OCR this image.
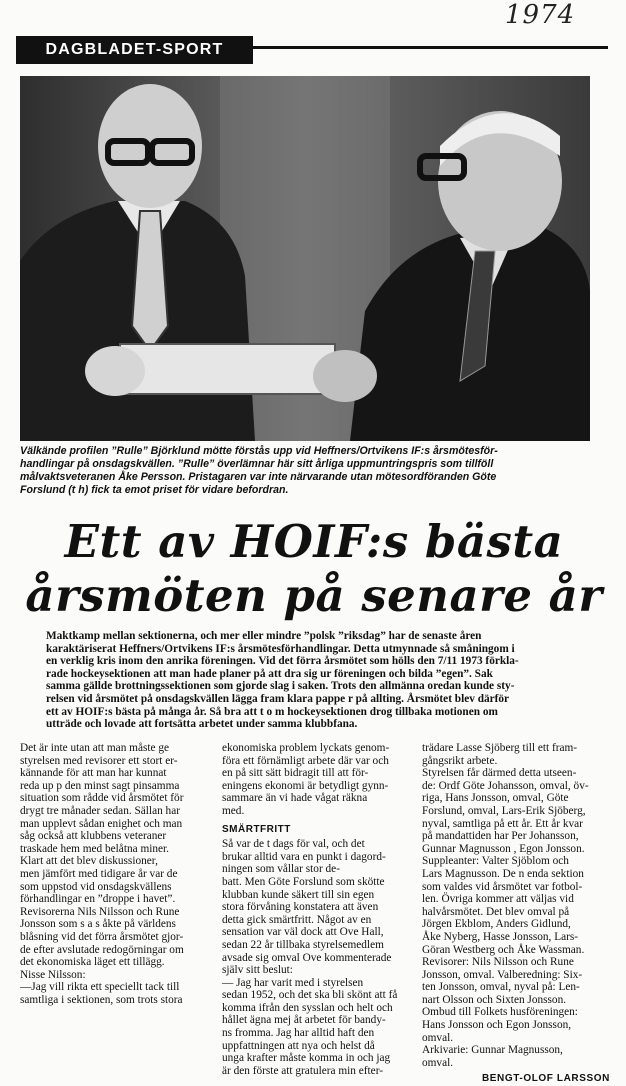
1974
DAGBLADET-SPORT
Välkände profilen ”Rulle” Björklund mötte förstås upp vid Heffners/Ortvikens IF:s årsmötesför-
handlingar på onsdagskvällen. ”Rulle” överlämnar här sitt årliga uppmuntringspris som tillföll
målvaktsveteranen Åke Persson. Pristagaren var inte närvarande utan mötesordföranden Göte
Forslund (t h) fick ta emot priset för vidare befordran.
Ett av HOIF:s bästa
årsmöten på senare år
Maktkamp mellan sektionerna, och mer eller mindre ”polsk ”riksdag” har de senaste åren
karaktäriserat Heffners/Ortvikens IF:s årsmötesförhandlingar. Detta utmynnade så småningom i
en verklig kris inom den anrika föreningen. Vid det förra årsmötet som hölls den 7/11 1973 förkla-
rade hockeysektionen att man hade planer på att dra sig ur föreningen och bilda ”egen”. Sak
samma gällde brottningssektionen som gjorde slag i saken. Trots den allmänna oredan kunde sty-
relsen vid årsmötet på onsdagskvällen lägga fram klara pappe r på allting. Årsmötet blev därför
ett av HOIF:s bästa på många år. Så bra att t o m hockeysektionen drog tillbaka motionen om
utträde och lovade att fortsätta arbetet under samma klubbfana.
Det är inte utan att man måste ge
styrelsen med revisorer ett stort er-
kännande för att man har kunnat
reda up p den minst sagt pinsamma
situation som rådde vid årsmötet för
drygt tre månader sedan. Sällan har
man upplevt sådan enighet och man
såg också att klubbens veteraner
traskade hem med belåtna miner.
Klart att det blev diskussioner,
men jämfört med tidigare år var de
som uppstod vid onsdagskvällens
förhandlingar en ”droppe i havet”.
Revisorerna Nils Nilsson och Rune
Jonsson som s a s åkte på världens
blåsning vid det förra årsmötet gjor-
de efter avslutade redogörningar om
det ekonomiska läget ett tillägg.
Nisse Nilsson:
—Jag vill rikta ett speciellt tack till
samtliga i sektionen, som trots stora
ekonomiska problem lyckats genom-
föra ett förnämligt arbete där var och
en på sitt sätt bidragit till att för-
eningens ekonomi är betydligt gynn-
sammare än vi hade vågat räkna
med.
SMÄRTFRITT
Så var de t dags för val, och det
brukar alltid vara en punkt i dagord-
ningen som vållar stor de-
batt. Men Göte Forslund som skötte
klubban kunde säkert till sin egen
stora förvåning konstatera att även
detta gick smärtfritt. Något av en
sensation var väl dock att Ove Hall,
sedan 22 år tillbaka styrelsemedlem
avsade sig omval Ove kommenterade
själv sitt beslut:
— Jag har varit med i styrelsen
sedan 1952, och det ska bli skönt att få
komma ifrån den sysslan och helt och
hållet ägna mej åt arbetet för bandy-
ns fromma. Jag har alltid haft den
uppfattningen att nya och helst då
unga krafter måste komma in och jag
är den förste att gratulera min efter-
trädare Lasse Sjöberg till ett fram-
gångsrikt arbete.
Styrelsen får därmed detta utseen-
de: Ordf Göte Johansson, omval, öv-
riga, Hans Jonsson, omval, Göte
Forslund, omval, Lars-Erik Sjöberg,
nyval, samtliga på ett år. Ett år kvar
på mandattiden har Per Johansson,
Gunnar Magnusson , Egon Jonsson.
Suppleanter: Valter Sjöblom och
Lars Magnusson. De n enda sektion
som valdes vid årsmötet var fotbol-
len. Övriga kommer att väljas vid
halvårsmötet. Det blev omval på
Jörgen Ekblom, Anders Gidlund,
Åke Nyberg, Hasse Jonsson, Lars-
Göran Westberg och Åke Wassman.
Revisorer: Nils Nilsson och Rune
Jonsson, omval. Valberedning: Six-
ten Jonsson, omval, nyval på: Len-
nart Olsson och Sixten Jonsson.
Ombud till Folkets husföreningen:
Hans Jonsson och Egon Jonsson,
omval.
Arkivarie: Gunnar Magnusson,
omval.
BENGT-OLOF LARSSON
